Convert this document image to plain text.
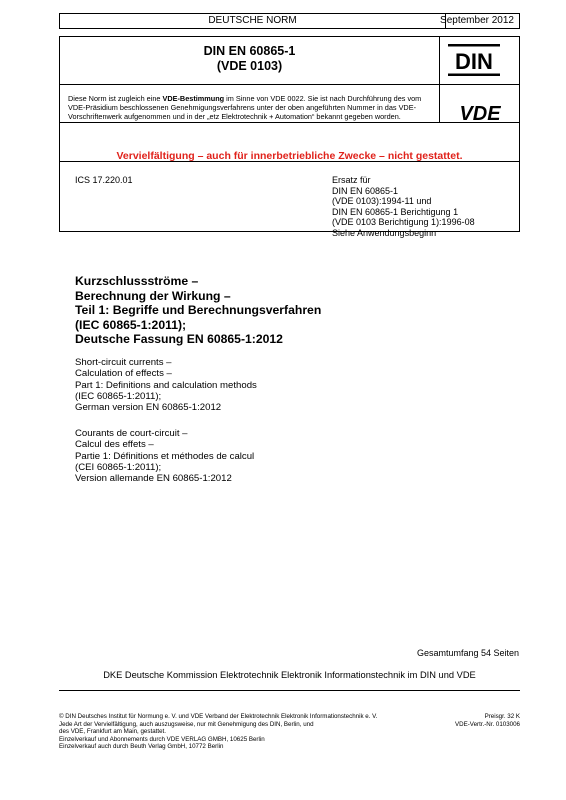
DEUTSCHE NORM	September 2012
DIN EN 60865-1
(VDE 0103)	DIN
Diese Norm ist zugleich eine VDE-Bestimmung im Sinne von VDE 0022. Sie ist nach Durchführung des vom VDE-Präsidium beschlossenen Genehmigungsverfahrens unter der oben angeführten Nummer in das VDE-Vorschriftenwerk aufgenommen und in der „etz Elektrotechnik + Automation“ bekannt gegeben worden.	VDE
Vervielfältigung – auch für innerbetriebliche Zwecke – nicht gestattet.
ICS 17.220.01	Ersatz für
DIN EN 60865-1
(VDE 0103):1994-11 und
DIN EN 60865-1 Berichtigung 1
(VDE 0103 Berichtigung 1):1996-08
Siehe Anwendungsbeginn
Kurzschlussströme –
Berechnung der Wirkung –
Teil 1: Begriffe und Berechnungsverfahren
(IEC 60865-1:2011);
Deutsche Fassung EN 60865-1:2012
Short-circuit currents –
Calculation of effects –
Part 1: Definitions and calculation methods
(IEC 60865-1:2011);
German version EN 60865-1:2012
Courants de court-circuit –
Calcul des effets –
Partie 1: Définitions et méthodes de calcul
(CEI 60865-1:2011);
Version allemande EN 60865-1:2012
Gesamtumfang 54 Seiten
DKE Deutsche Kommission Elektrotechnik Elektronik Informationstechnik im DIN und VDE
© DIN Deutsches Institut für Normung e. V. und VDE Verband der Elektrotechnik Elektronik Informationstechnik e. V.
Jede Art der Vervielfältigung, auch auszugsweise, nur mit Genehmigung des DIN, Berlin, und
des VDE, Frankfurt am Main, gestattet.
Einzelverkauf und Abonnements durch VDE VERLAG GMBH, 10625 Berlin
Einzelverkauf auch durch Beuth Verlag GmbH, 10772 Berlin
Preisgr. 32 K
VDE-Vertr.-Nr. 0103006
